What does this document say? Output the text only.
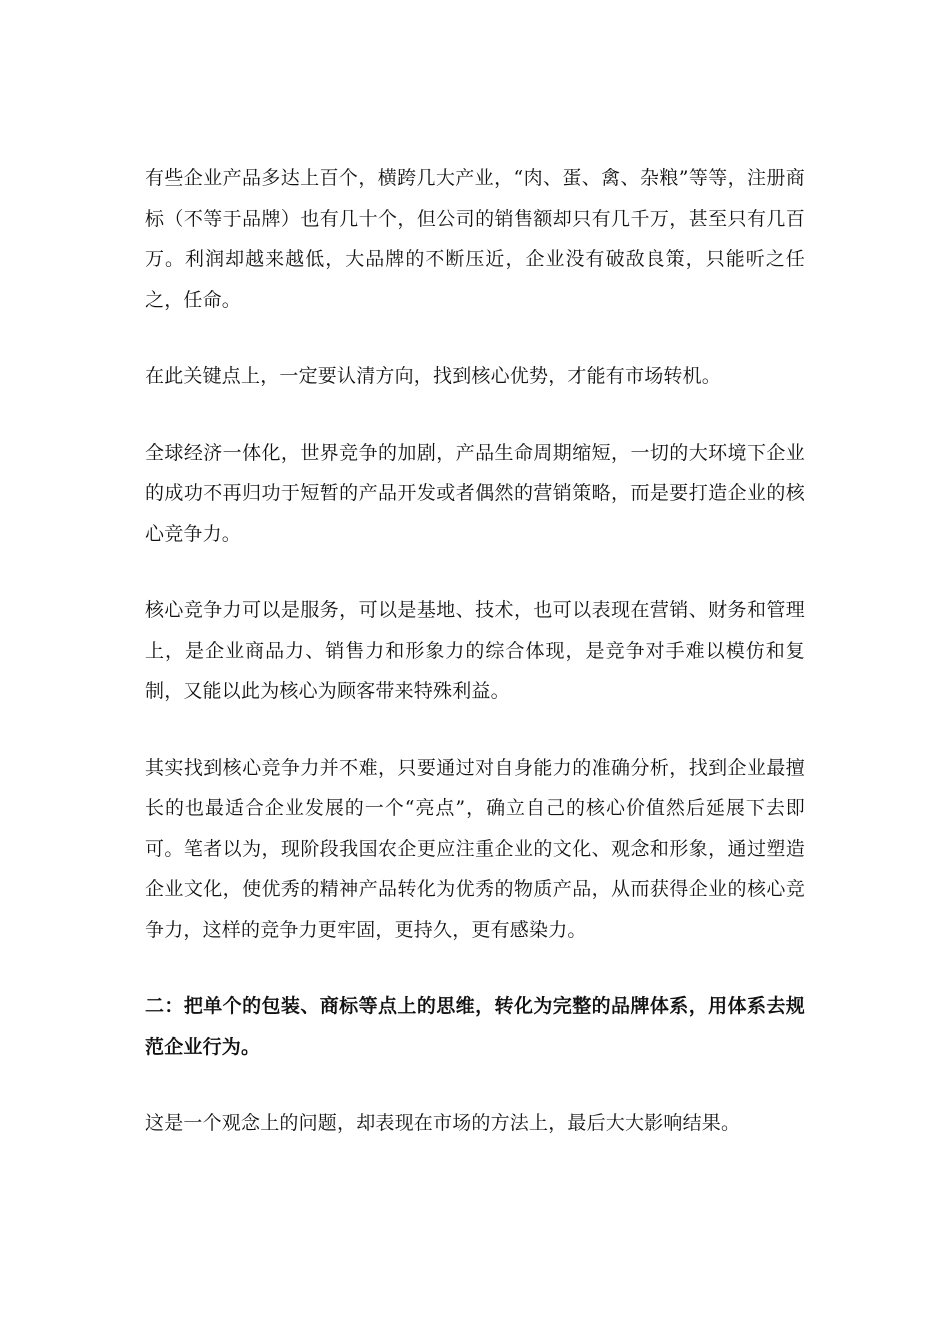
有些企业产品多达上百个，横跨几大产业，“肉、蛋、禽、杂粮”等等，注册商标（不等于品牌）也有几十个，但公司的销售额却只有几千万，甚至只有几百万。利润却越来越低，大品牌的不断压近，企业没有破敌良策，只能听之任之，任命。

在此关键点上，一定要认清方向，找到核心优势，才能有市场转机。

全球经济一体化，世界竞争的加剧，产品生命周期缩短，一切的大环境下企业的成功不再归功于短暂的产品开发或者偶然的营销策略，而是要打造企业的核心竞争力。

核心竞争力可以是服务，可以是基地、技术，也可以表现在营销、财务和管理上，是企业商品力、销售力和形象力的综合体现，是竞争对手难以模仿和复制，又能以此为核心为顾客带来特殊利益。

其实找到核心竞争力并不难，只要通过对自身能力的准确分析，找到企业最擅长的也最适合企业发展的一个“亮点”，确立自己的核心价值然后延展下去即可。笔者以为，现阶段我国农企更应注重企业的文化、观念和形象，通过塑造企业文化，使优秀的精神产品转化为优秀的物质产品，从而获得企业的核心竞争力，这样的竞争力更牢固，更持久，更有感染力。

二：把单个的包装、商标等点上的思维，转化为完整的品牌体系，用体系去规范企业行为。

这是一个观念上的问题，却表现在市场的方法上，最后大大影响结果。
